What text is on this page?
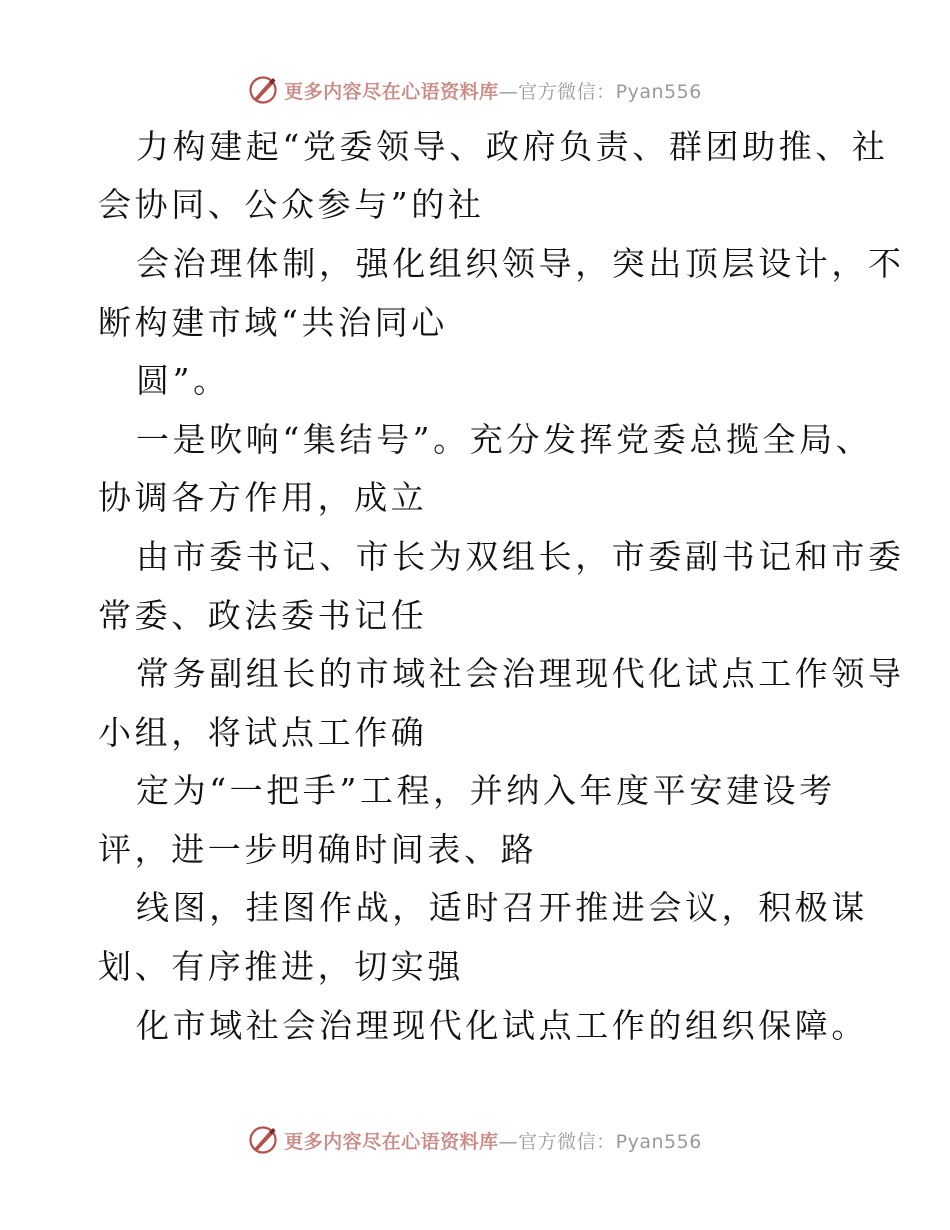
更多内容尽在心语资料库—官方微信：Pyan556
力构建起“党委领导、政府负责、群团助推、社
会协同、公众参与”的社
会治理体制，强化组织领导，突出顶层设计，不
断构建市域“共治同心
圆”。
一是吹响“集结号”。充分发挥党委总揽全局、
协调各方作用，成立
由市委书记、市长为双组长，市委副书记和市委
常委、政法委书记任
常务副组长的市域社会治理现代化试点工作领导
小组，将试点工作确
定为“一把手”工程，并纳入年度平安建设考
评，进一步明确时间表、路
线图，挂图作战，适时召开推进会议，积极谋
划、有序推进，切实强
化市域社会治理现代化试点工作的组织保障。
更多内容尽在心语资料库—官方微信：Pyan556
